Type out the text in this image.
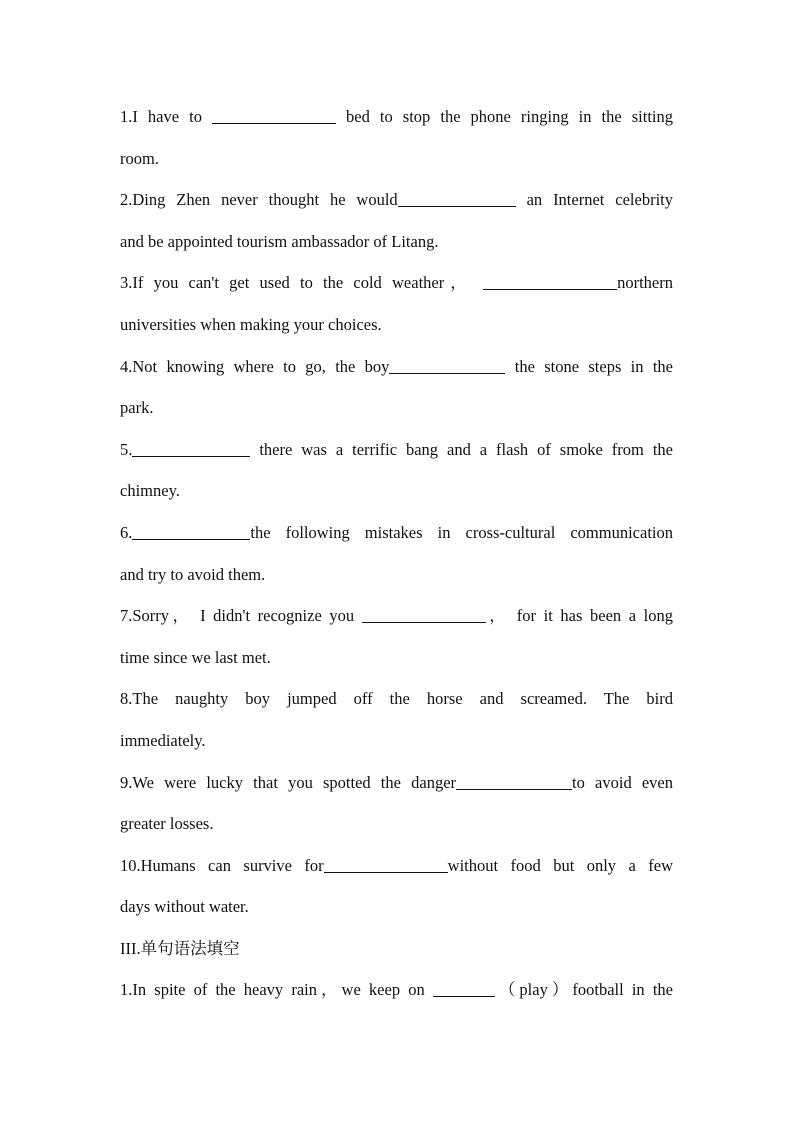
1.I have to	bed to stop the phone ringing in the sitting
room.
2.Ding Zhen never thought he would	an Internet celebrity
and be appointed tourism ambassador of Litang.
3.If you can't get used to the cold weather，	northern
universities when making your choices.
4.Not knowing where to go, the boy	the stone steps in the
park.
5.	there was a terrific bang and a flash of smoke from the
chimney.
6.	the following mistakes in cross-cultural communication
and try to avoid them.
7.Sorry， I didn't recognize you	， for it has been a long
time since we last met.
8.The naughty boy jumped off the horse and screamed. The bird
immediately.
9.We were lucky that you spotted the danger	to avoid even
greater losses.
10.Humans can survive for	without food but only a few
days without water.
III.单句语法填空
1.In spite of the heavy rain，we keep on	（play）football in the
